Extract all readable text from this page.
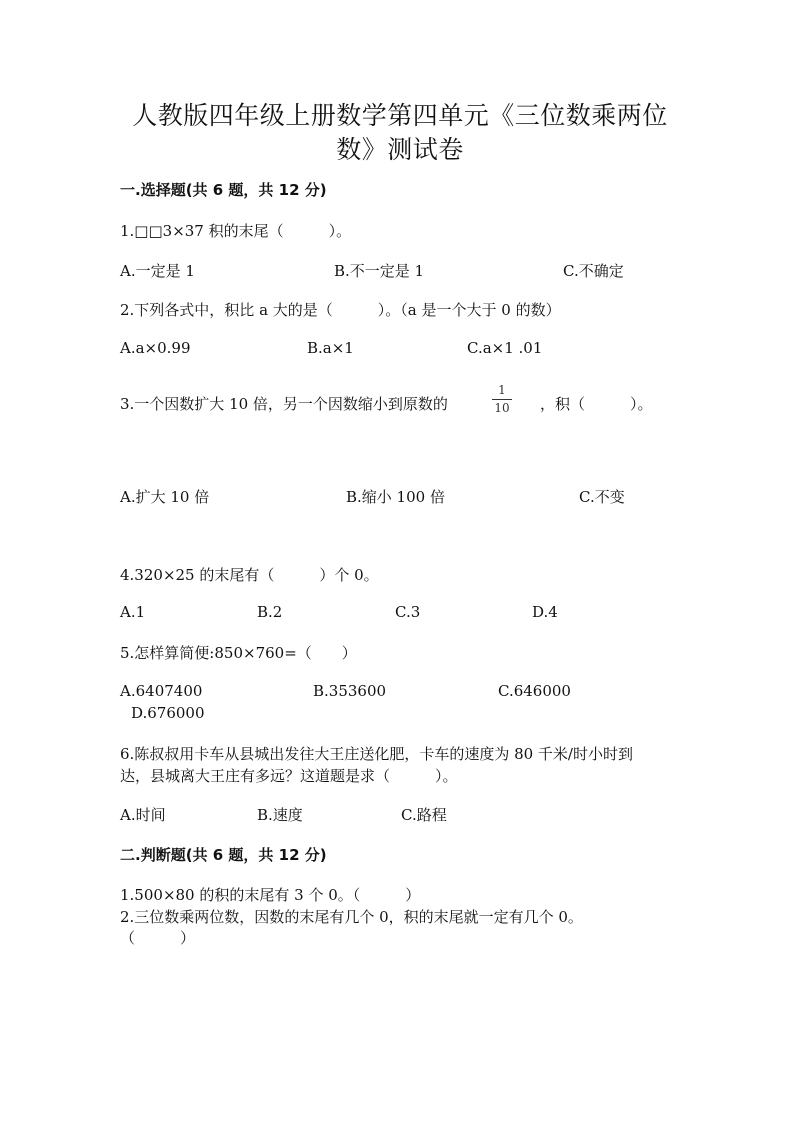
人教版四年级上册数学第四单元《三位数乘两位
数》测试卷
一.选择题(共 6 题，共 12 分)
1.□□3×37 积的末尾（　　　）。
A.一定是 1	B.不一定是 1	C.不确定
2.下列各式中，积比 a 大的是（　　　）。（a 是一个大于 0 的数）
A.a×0.99	B.a×1	C.a×1 .01
3.一个因数扩大 10 倍，另一个因数缩小到原数的
1
10 ，积（　　　）。
A.扩大 10 倍	B.缩小 100 倍	C.不变
4.320×25 的末尾有（　　　）个 0。
A.1	B.2	C.3	D.4
5.怎样算简便:850×760=（　　）
A.6407400	B.353600	C.646000
D.676000
6.陈叔叔用卡车从县城出发往大王庄送化肥，卡车的速度为 80 千米/时小时到
达，县城离大王庄有多远？这道题是求（　　　）。
A.时间	B.速度	C.路程
二.判断题(共 6 题，共 12 分)
1.500×80 的积的末尾有 3 个 0。（　　　）
2.三位数乘两位数，因数的末尾有几个 0，积的末尾就一定有几个 0。
（　　　）
